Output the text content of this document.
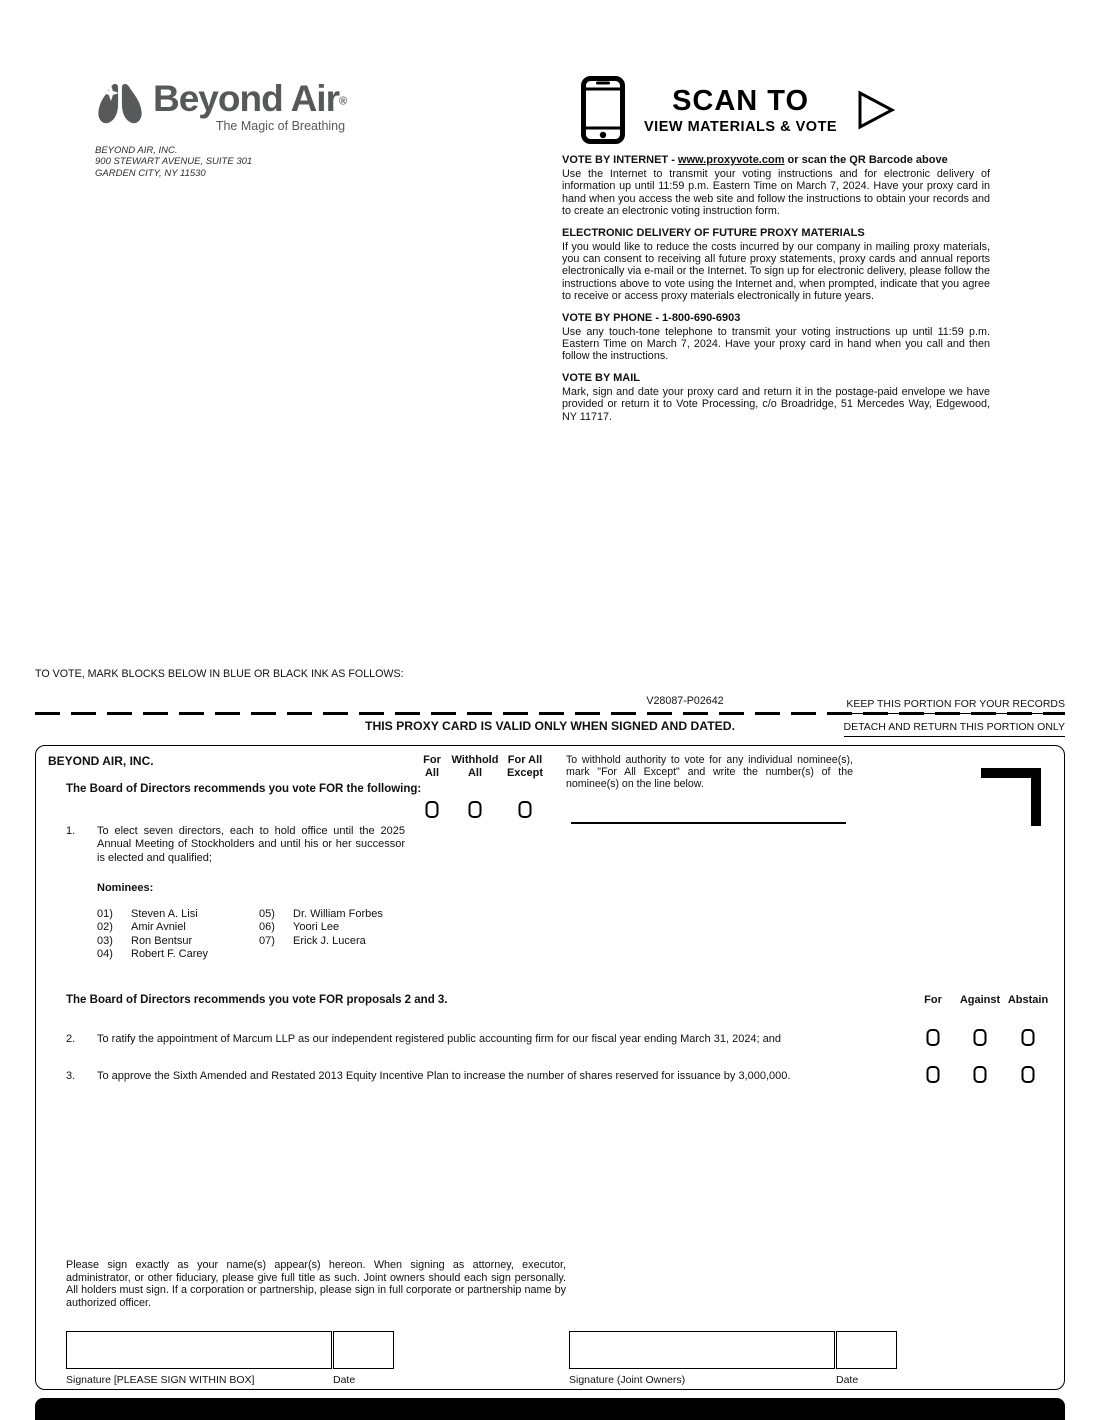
Beyond Air®
The Magic of Breathing
BEYOND AIR, INC.
900 STEWART AVENUE, SUITE 301
GARDEN CITY, NY 11530
SCAN TO
VIEW MATERIALS & VOTE
VOTE BY INTERNET - www.proxyvote.com or scan the QR Barcode above

Use the Internet to transmit your voting instructions and for electronic delivery of information up until 11:59 p.m. Eastern Time on March 7, 2024. Have your proxy card in hand when you access the web site and follow the instructions to obtain your records and to create an electronic voting instruction form.

ELECTRONIC DELIVERY OF FUTURE PROXY MATERIALS

If you would like to reduce the costs incurred by our company in mailing proxy materials, you can consent to receiving all future proxy statements, proxy cards and annual reports electronically via e-mail or the Internet. To sign up for electronic delivery, please follow the instructions above to vote using the Internet and, when prompted, indicate that you agree to receive or access proxy materials electronically in future years.

VOTE BY PHONE - 1-800-690-6903

Use any touch-tone telephone to transmit your voting instructions up until 11:59 p.m. Eastern Time on March 7, 2024. Have your proxy card in hand when you call and then follow the instructions.

VOTE BY MAIL

Mark, sign and date your proxy card and return it in the postage-paid envelope we have provided or return it to Vote Processing, c/o Broadridge, 51 Mercedes Way, Edgewood, NY 11717.

TO VOTE, MARK BLOCKS BELOW IN BLUE OR BLACK INK AS FOLLOWS:
V28087-P02642	KEEP THIS PORTION FOR YOUR RECORDS
THIS PROXY CARD IS VALID ONLY WHEN SIGNED AND DATED.	DETACH AND RETURN THIS PORTION ONLY
BEYOND AIR, INC.
The Board of Directors recommends you vote FOR the following:
For
All
Withhold
All
For All
Except
To withhold authority to vote for any individual nominee(s), mark "For All Except" and write the number(s) of the nominee(s) on the line below.
1. To elect seven directors, each to hold office until the 2025 Annual Meeting of Stockholders and until his or her successor is elected and qualified;
Nominees:
01) Steven A. Lisi
02) Amir Avniel
03) Ron Bentsur
04) Robert F. Carey
05) Dr. William Forbes
06) Yoori Lee
07) Erick J. Lucera
The Board of Directors recommends you vote FOR proposals 2 and 3.	For Against Abstain
2. To ratify the appointment of Marcum LLP as our independent registered public accounting firm for our fiscal year ending March 31, 2024; and
3. To approve the Sixth Amended and Restated 2013 Equity Incentive Plan to increase the number of shares reserved for issuance by 3,000,000.
Please sign exactly as your name(s) appear(s) hereon. When signing as attorney, executor, administrator, or other fiduciary, please give full title as such. Joint owners should each sign personally. All holders must sign. If a corporation or partnership, please sign in full corporate or partnership name by authorized officer.
Signature [PLEASE SIGN WITHIN BOX]	Date	Signature (Joint Owners)	Date
